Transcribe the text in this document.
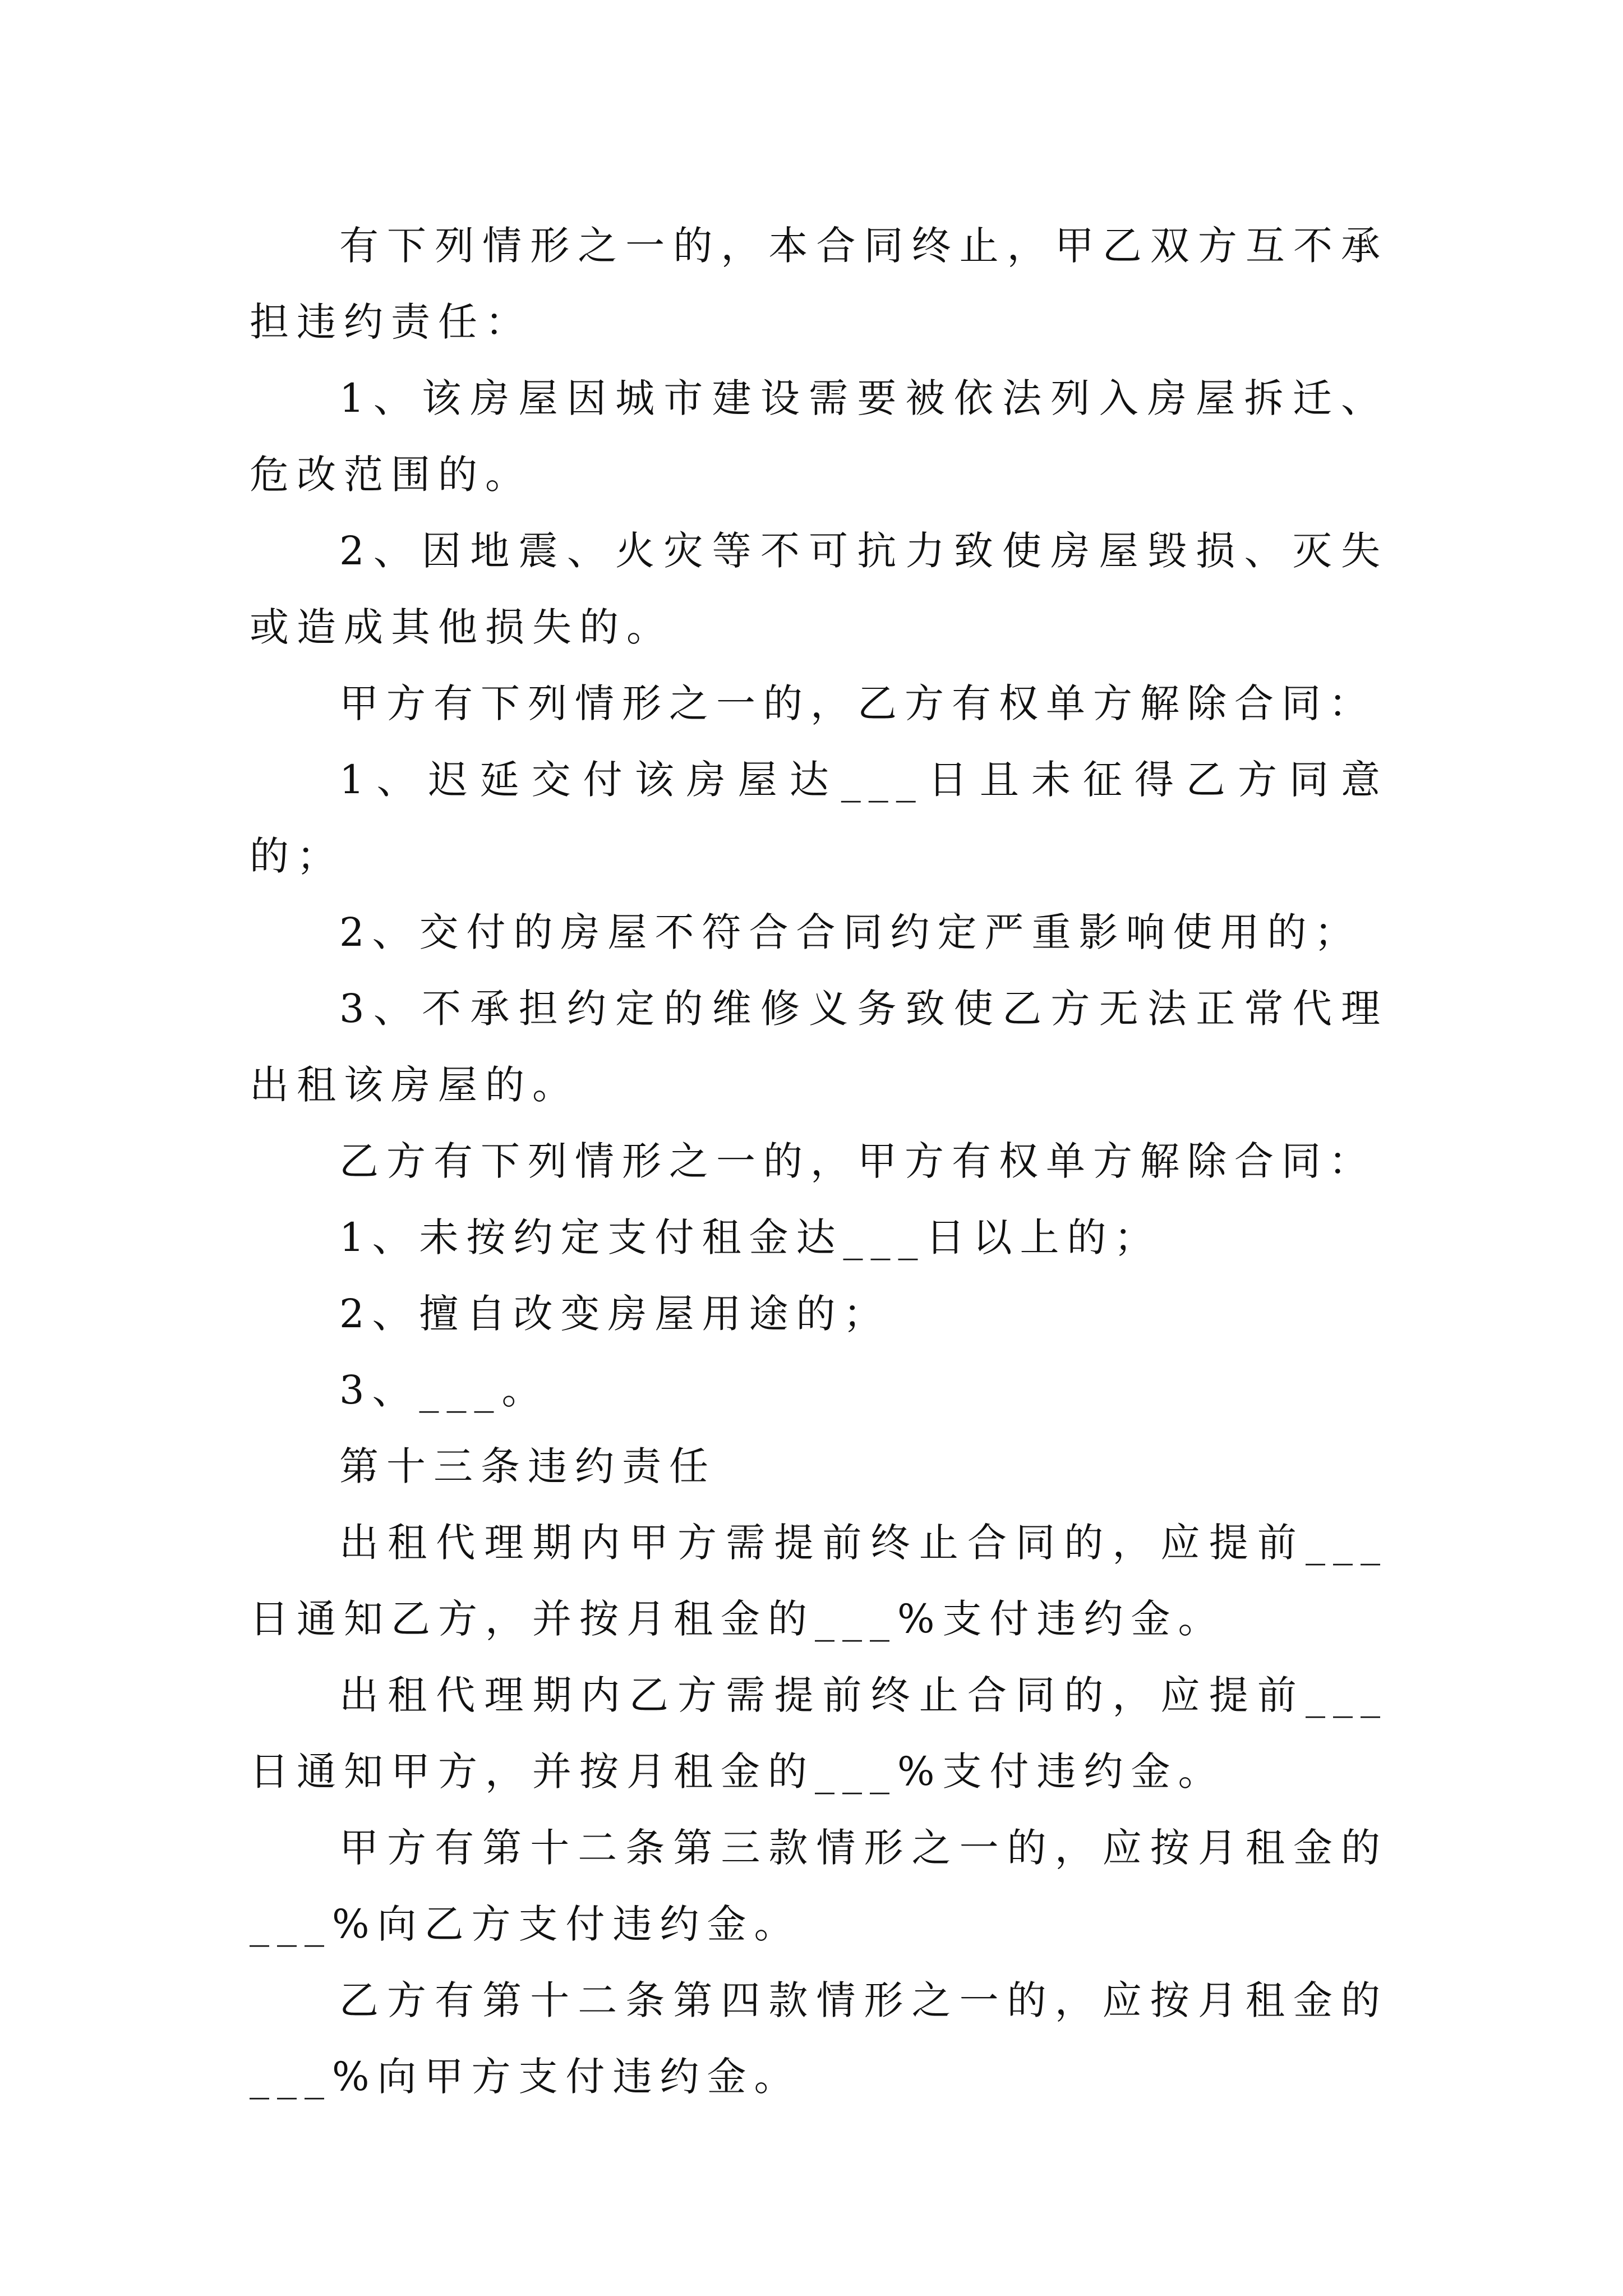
有下列情形之一的，本合同终止，甲乙双方互不承担违约责任：

1、该房屋因城市建设需要被依法列入房屋拆迁、危改范围的。

2、因地震、火灾等不可抗力致使房屋毁损、灭失或造成其他损失的。

甲方有下列情形之一的，乙方有权单方解除合同：

1、迟延交付该房屋达___日且未征得乙方同意的；

2、交付的房屋不符合合同约定严重影响使用的；

3、不承担约定的维修义务致使乙方无法正常代理出租该房屋的。

乙方有下列情形之一的，甲方有权单方解除合同：

1、未按约定支付租金达___日以上的；

2、擅自改变房屋用途的；

3、___。

第十三条违约责任

出租代理期内甲方需提前终止合同的，应提前___日通知乙方，并按月租金的___%支付违约金。

出租代理期内乙方需提前终止合同的，应提前___日通知甲方，并按月租金的___%支付违约金。

甲方有第十二条第三款情形之一的，应按月租金的___%向乙方支付违约金。

乙方有第十二条第四款情形之一的，应按月租金的___%向甲方支付违约金。
